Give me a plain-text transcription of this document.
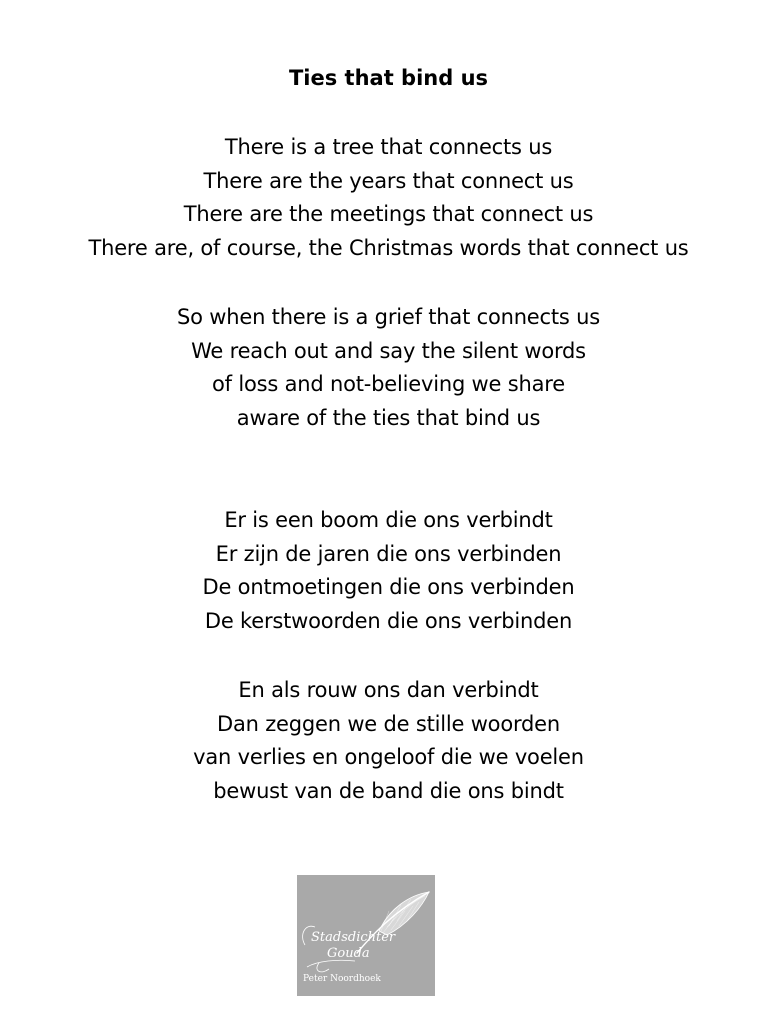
Ties that bind us
There is a tree that connects us
There are the years that connect us
There are the meetings that connect us
There are, of course, the Christmas words that connect us
So when there is a grief that connects us
We reach out and say the silent words
of loss and not-believing we share
aware of the ties that bind us
Er is een boom die ons verbindt
Er zijn de jaren die ons verbinden
De ontmoetingen die ons verbinden
De kerstwoorden die ons verbinden
En als rouw ons dan verbindt
Dan zeggen we de stille woorden
van verlies en ongeloof die we voelen
bewust van de band die ons bindt
Stadsdichter
Gouda
Peter Noordhoek
